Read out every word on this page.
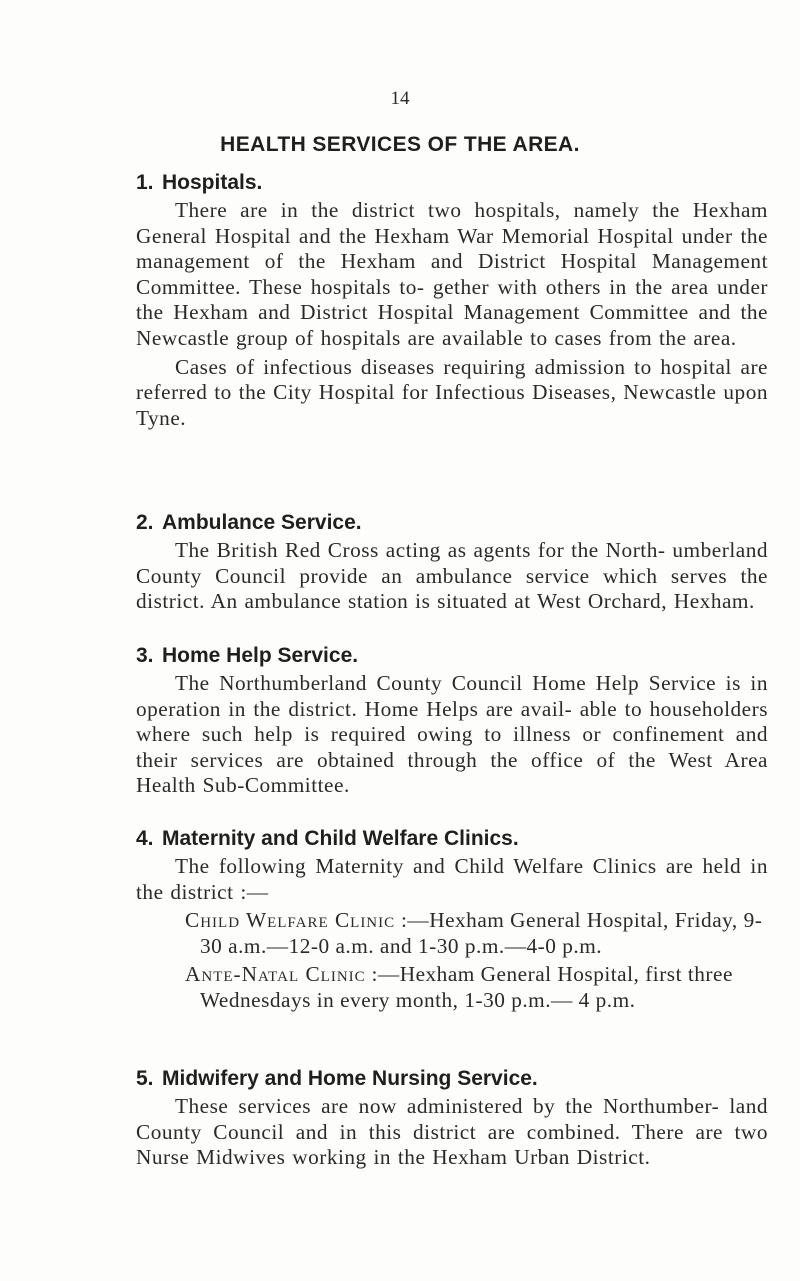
14
HEALTH SERVICES OF THE AREA.
1. Hospitals.

There are in the district two hospitals, namely the Hexham General Hospital and the Hexham War Memorial Hospital under the management of the Hexham and District Hospital Management Committee. These hospitals to- gether with others in the area under the Hexham and District Hospital Management Committee and the Newcastle group of hospitals are available to cases from the area.

Cases of infectious diseases requiring admission to hospital are referred to the City Hospital for Infectious Diseases, Newcastle upon Tyne.

2. Ambulance Service.

The British Red Cross acting as agents for the North- umberland County Council provide an ambulance service which serves the district. An ambulance station is situated at West Orchard, Hexham.

3. Home Help Service.

The Northumberland County Council Home Help Service is in operation in the district. Home Helps are avail- able to householders where such help is required owing to illness or confinement and their services are obtained through the office of the West Area Health Sub-Committee.

4. Maternity and Child Welfare Clinics.

The following Maternity and Child Welfare Clinics are held in the district :—

Child Welfare Clinic :—Hexham General Hospital, Friday, 9-30 a.m.—12-0 a.m. and 1-30 p.m.—4-0 p.m.

Ante-Natal Clinic :—Hexham General Hospital, first three Wednesdays in every month, 1-30 p.m.— 4 p.m.

5. Midwifery and Home Nursing Service.

These services are now administered by the Northumber- land County Council and in this district are combined. There are two Nurse Midwives working in the Hexham Urban District.
